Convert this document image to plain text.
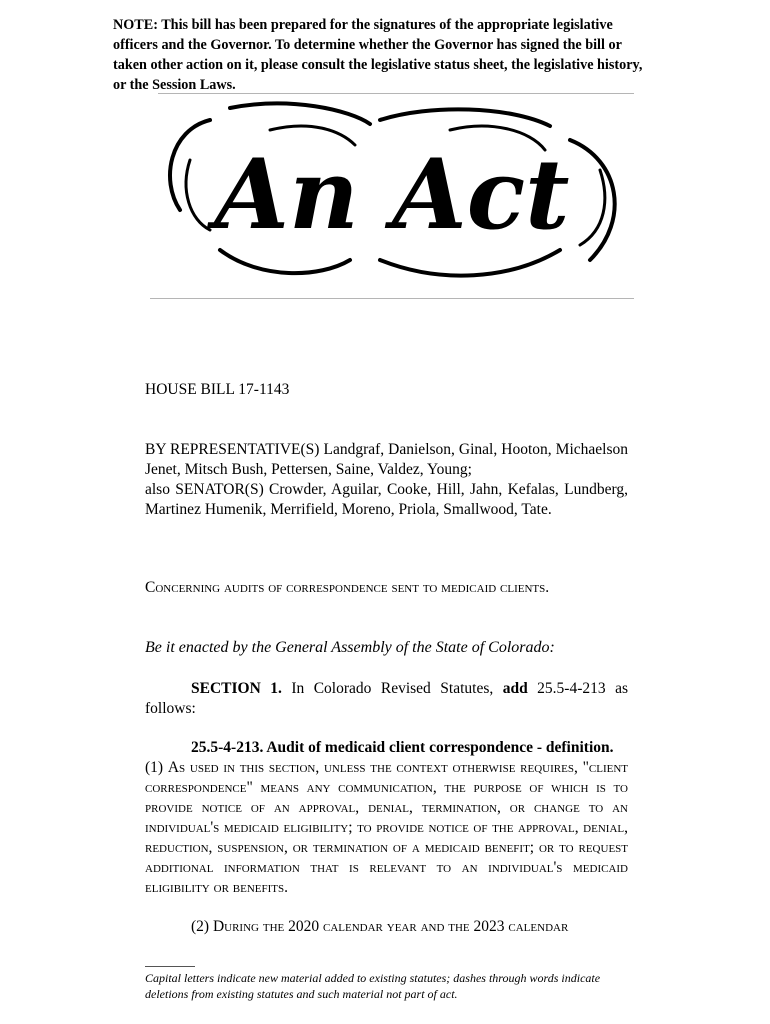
NOTE: This bill has been prepared for the signatures of the appropriate legislative officers and the Governor. To determine whether the Governor has signed the bill or taken other action on it, please consult the legislative status sheet, the legislative history, or the Session Laws.
An Act
HOUSE BILL 17-1143
BY REPRESENTATIVE(S) Landgraf, Danielson, Ginal, Hooton, Michaelson Jenet, Mitsch Bush, Pettersen, Saine, Valdez, Young;
also SENATOR(S) Crowder, Aguilar, Cooke, Hill, Jahn, Kefalas, Lundberg, Martinez Humenik, Merrifield, Moreno, Priola, Smallwood, Tate.
Concerning audits of correspondence sent to medicaid clients.
Be it enacted by the General Assembly of the State of Colorado:
SECTION 1. In Colorado Revised Statutes, add 25.5-4-213 as follows:
25.5-4-213. Audit of medicaid client correspondence - definition.
(1) As used in this section, unless the context otherwise requires, "client correspondence" means any communication, the purpose of which is to provide notice of an approval, denial, termination, or change to an individual's medicaid eligibility; to provide notice of the approval, denial, reduction, suspension, or termination of a medicaid benefit; or to request additional information that is relevant to an individual's medicaid eligibility or benefits.
(2) During the 2020 calendar year and the 2023 calendar
Capital letters indicate new material added to existing statutes; dashes through words indicate deletions from existing statutes and such material not part of act.
